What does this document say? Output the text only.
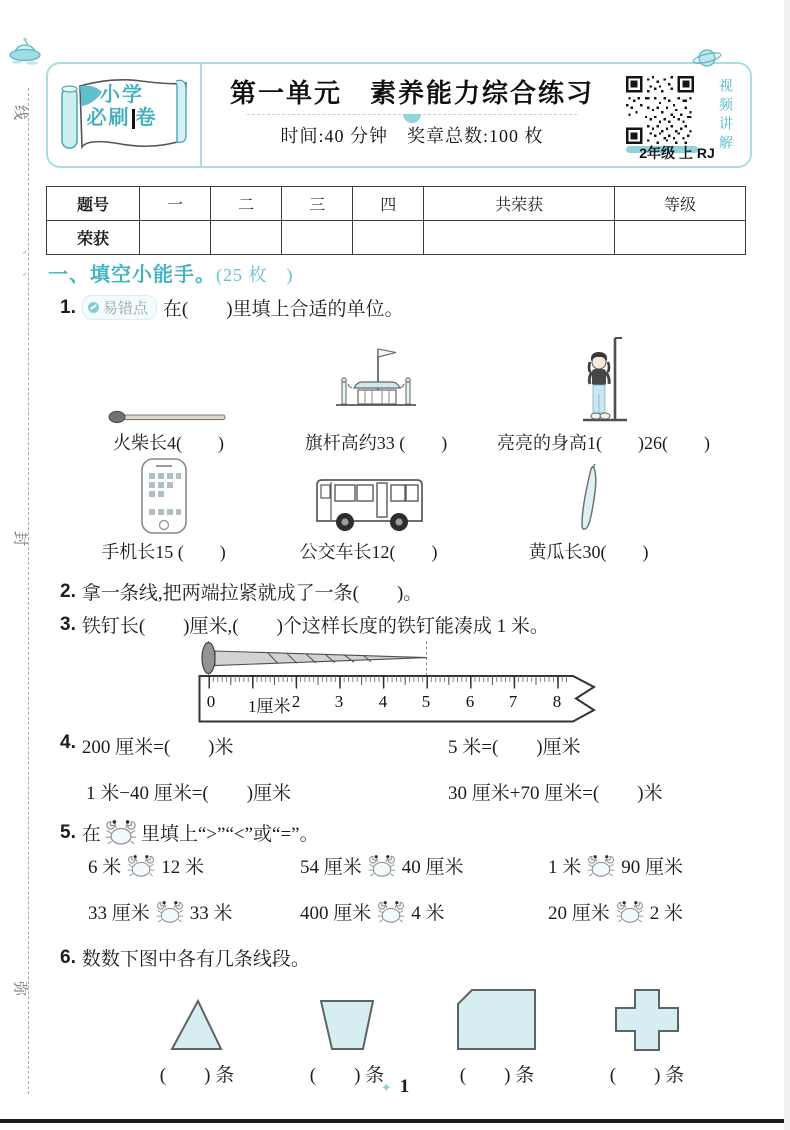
线
丶
丶
封
弥
小学
必刷 卷
第一单元　素养能力综合练习
时间:40 分钟　奖章总数:100 枚	视频讲解
2年级 上 RJ
题号	一	二	三	四	共荣获	等级
荣获						
一、填空小能手。(25 枚　)
1. 易错点 在(　　)里填上合适的单位。
火柴长4(　　)	旗杆高约33 (　　)	亮亮的身高1(　　)26(　　)
手机长15 (　　)	公交车长12(　　)	黄瓜长30(　　)
2. 拿一条线,把两端拉紧就成了一条(　　)。
3. 铁钉长(　　)厘米,(　　)个这样长度的铁钉能凑成 1 米。
0 1厘米 2 3 4 5 6 7 8
4. 200 厘米=(　　)米	5 米=(　　)厘米
1 米−40 厘米=(　　)厘米	30 厘米+70 厘米=(　　)米
5. 在 里填上“>”“<”或“=”。
6 米 12 米	54 厘米 40 厘米	1 米 90 厘米
33 厘米 33 米	400 厘米 4 米	20 厘米 2 米
6. 数数下图中各有几条线段。
(　　) 条	(　　) 条	(　　) 条	(　　) 条
✦ 1
